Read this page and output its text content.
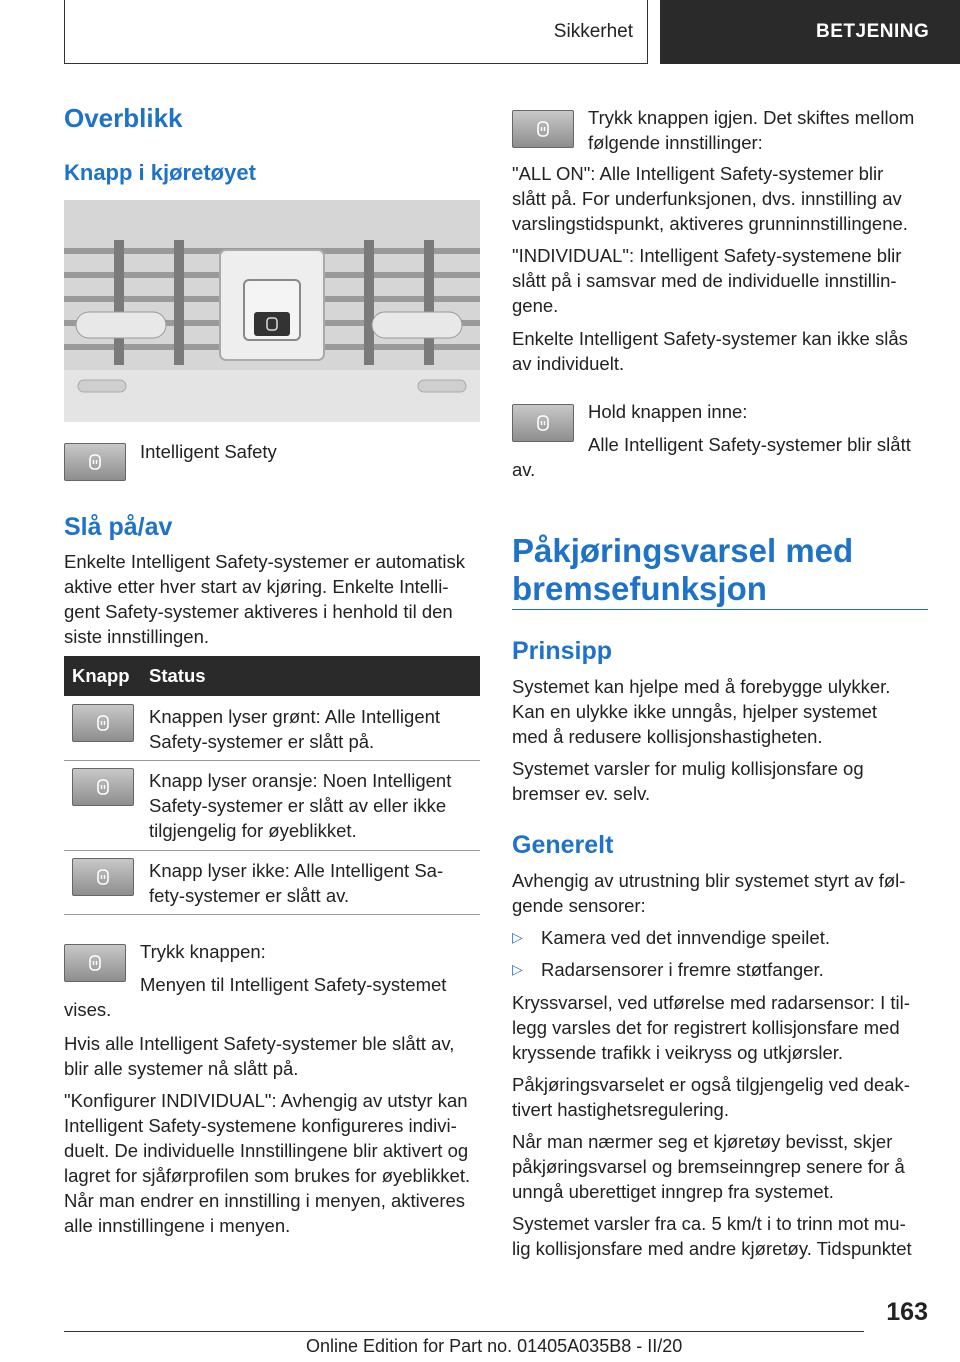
Sikkerhet	BETJENING
Overblikk
Knapp i kjøretøyet

Intelligent Safety

Slå på/av

Enkelte Intelligent Safety-systemer er automatisk

aktive etter hver start av kjøring. Enkelte Intelli-

gent Safety-systemer aktiveres i henhold til den

siste innstillingen.

Knapp Status

Knappen lyser grønt: Alle Intelligent

Safety-systemer er slått på.

Knapp lyser oransje: Noen Intelligent

Safety-systemer er slått av eller ikke

tilgjengelig for øyeblikket.

Knapp lyser ikke: Alle Intelligent Sa-

fety-systemer er slått av.

Trykk knappen:

Menyen til Intelligent Safety-systemet

vises.

Hvis alle Intelligent Safety-systemer ble slått av,

blir alle systemer nå slått på.

"Konfigurer INDIVIDUAL": Avhengig av utstyr kan

Intelligent Safety-systemene konfigureres indivi-

duelt. De individuelle Innstillingene blir aktivert og

lagret for sjåførprofilen som brukes for øyeblikket.

Når man endrer en innstilling i menyen, aktiveres

alle innstillingene i menyen.

Trykk knappen igjen. Det skiftes mellom

følgende innstillinger:

"ALL ON": Alle Intelligent Safety-systemer blir

slått på. For underfunksjonen, dvs. innstilling av

varslingstidspunkt, aktiveres grunninnstillingene.

"INDIVIDUAL": Intelligent Safety-systemene blir

slått på i samsvar med de individuelle innstillin-

gene.

Enkelte Intelligent Safety-systemer kan ikke slås

av individuelt.

Hold knappen inne:

Alle Intelligent Safety-systemer blir slått

av.

Påkjøringsvarsel med
bremsefunksjon
Prinsipp

Systemet kan hjelpe med å forebygge ulykker.

Kan en ulykke ikke unngås, hjelper systemet

med å redusere kollisjonshastigheten.

Systemet varsler for mulig kollisjonsfare og

bremser ev. selv.

Generelt

Avhengig av utrustning blir systemet styrt av føl-

gende sensorer:

▷ Kamera ved det innvendige speilet.

▷ Radarsensorer i fremre støtfanger.

Kryssvarsel, ved utførelse med radarsensor: I til-

legg varsles det for registrert kollisjonsfare med

kryssende trafikk i veikryss og utkjørsler.

Påkjøringsvarselet er også tilgjengelig ved deak-

tivert hastighetsregulering.

Når man nærmer seg et kjøretøy bevisst, skjer

påkjøringsvarsel og bremseinngrep senere for å

unngå uberettiget inngrep fra systemet.

Systemet varsler fra ca. 5 km/t i to trinn mot mu-

lig kollisjonsfare med andre kjøretøy. Tidspunktet

163
Online Edition for Part no. 01405A035B8 - II/20
